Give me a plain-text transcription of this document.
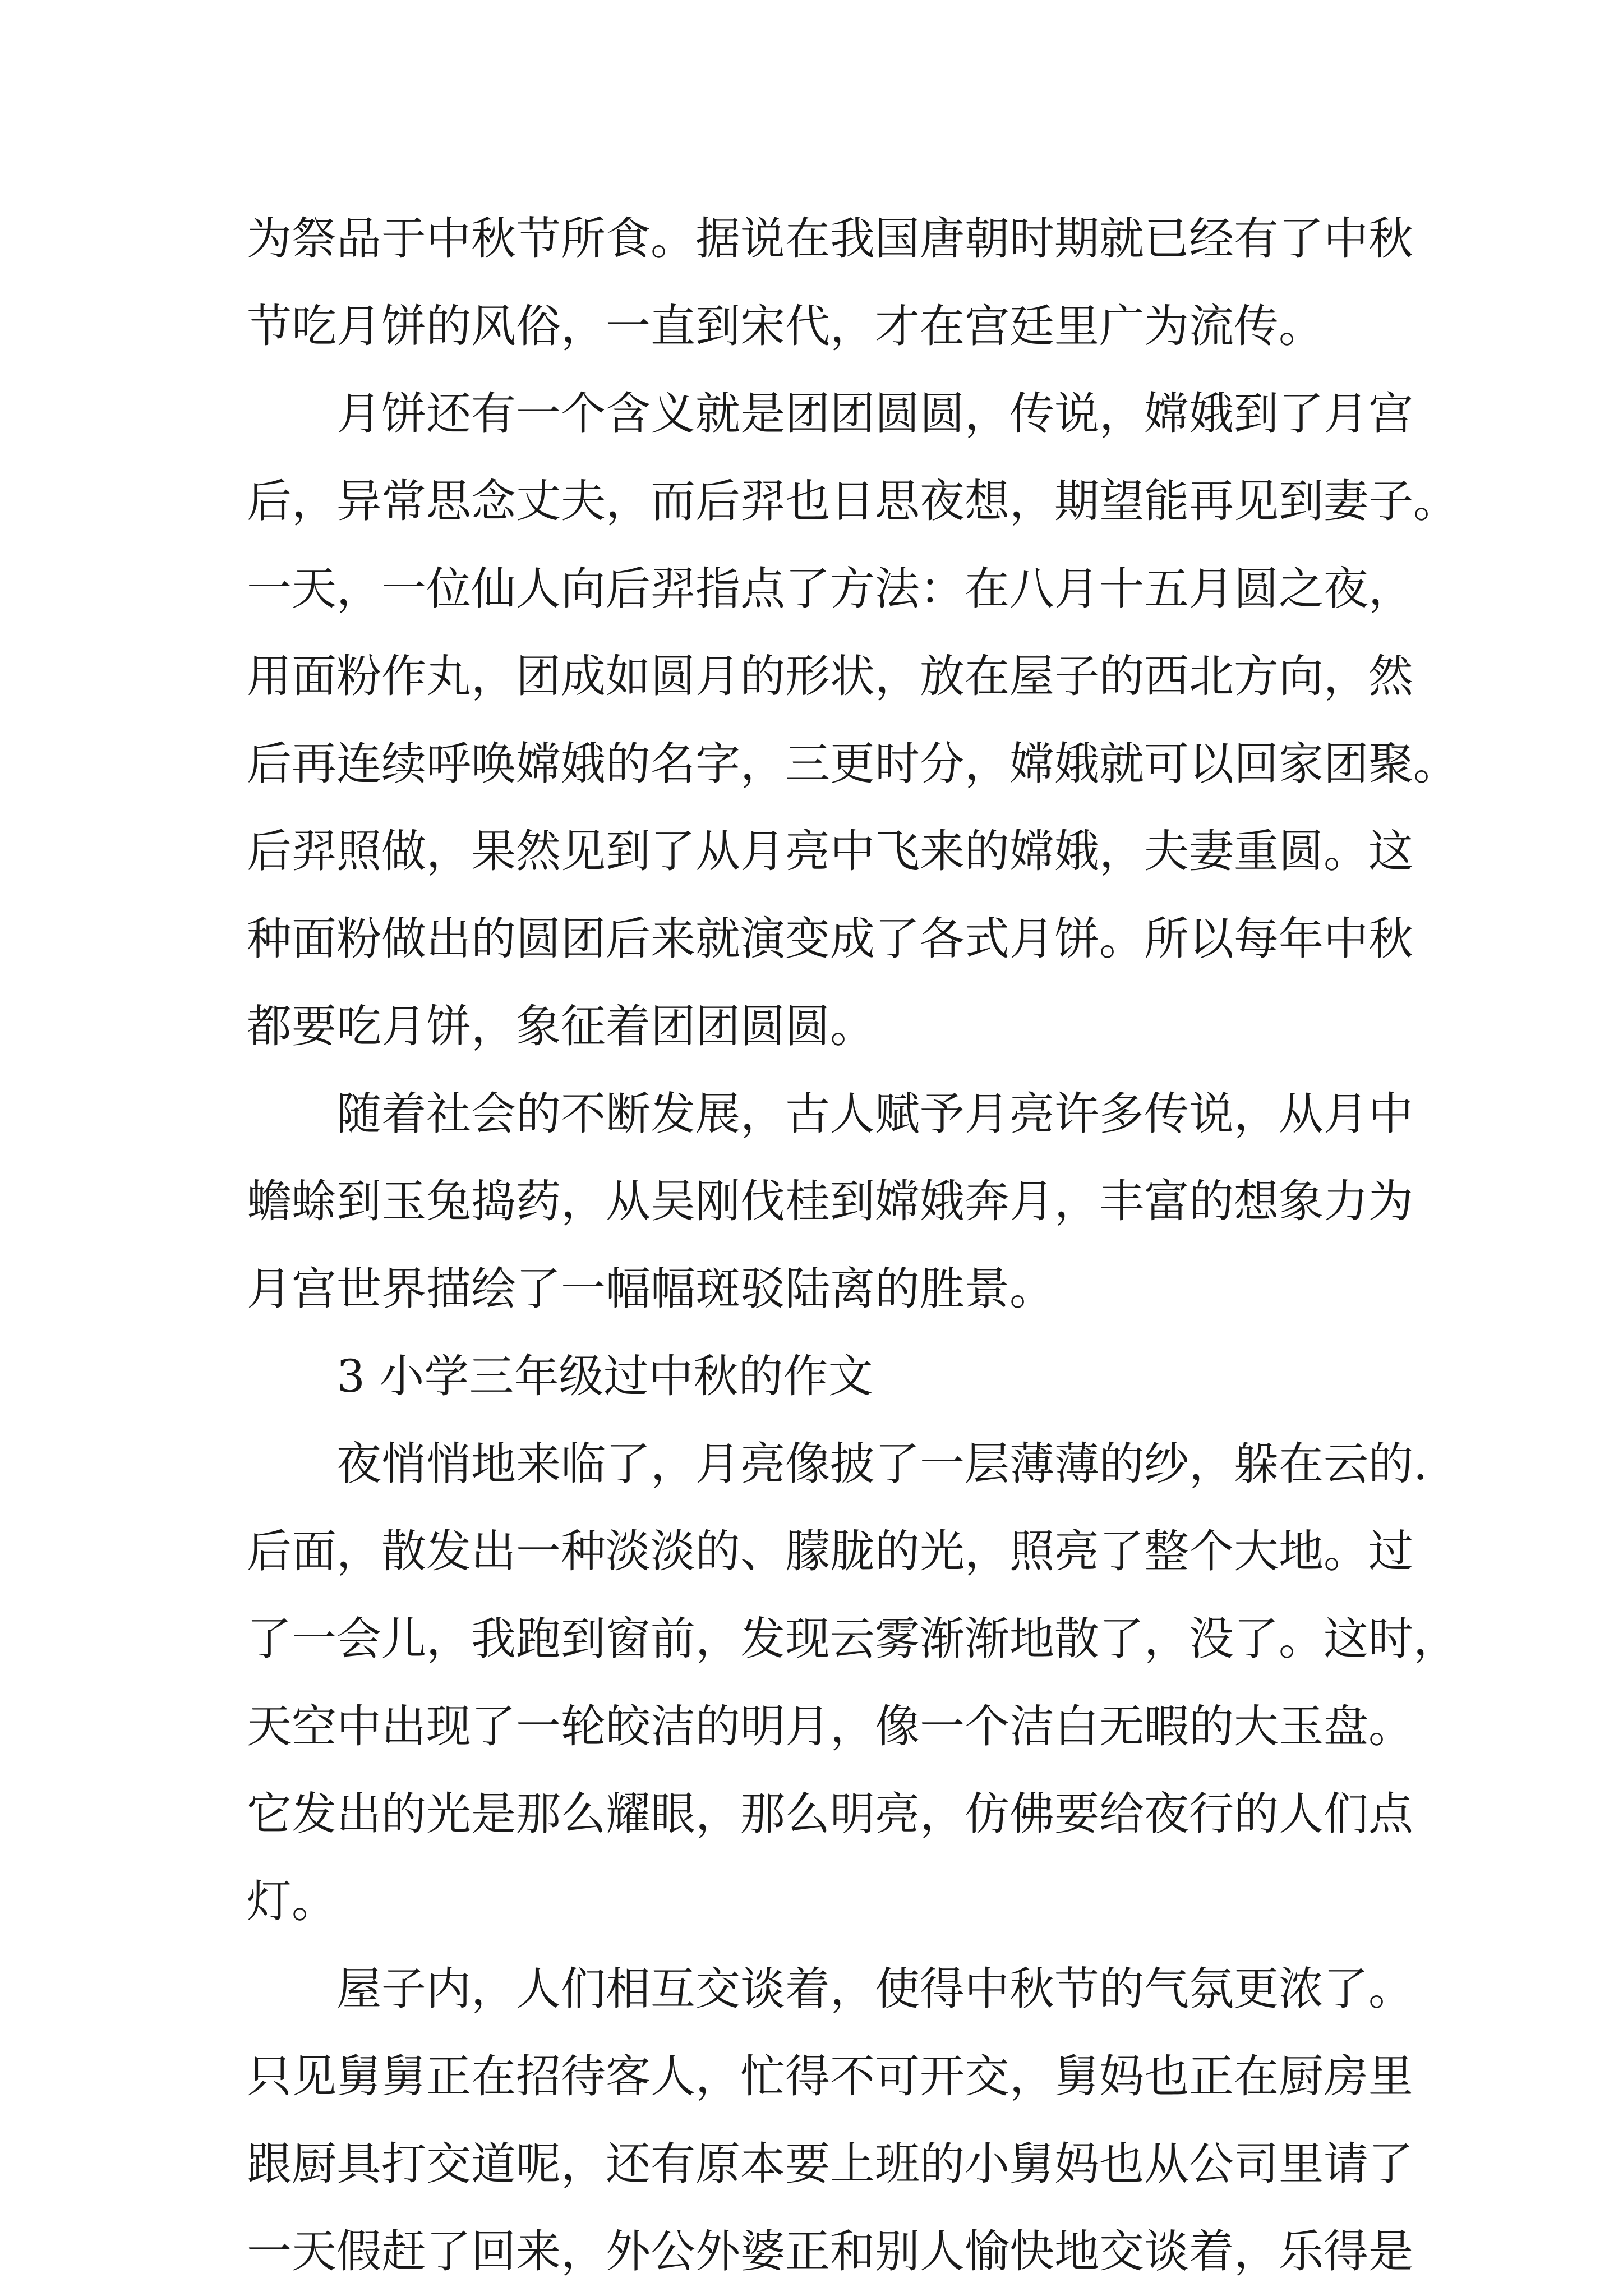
为祭品于中秋节所食。据说在我国唐朝时期就已经有了中秋
节吃月饼的风俗，一直到宋代，才在宫廷里广为流传。
月饼还有一个含义就是团团圆圆，传说，嫦娥到了月宫
后，异常思念丈夫，而后羿也日思夜想，期望能再见到妻子。
一天，一位仙人向后羿指点了方法：在八月十五月圆之夜，
用面粉作丸，团成如圆月的形状，放在屋子的西北方向，然
后再连续呼唤嫦娥的名字，三更时分，嫦娥就可以回家团聚。
后羿照做，果然见到了从月亮中飞来的嫦娥，夫妻重圆。这
种面粉做出的圆团后来就演变成了各式月饼。所以每年中秋
都要吃月饼，象征着团团圆圆。
随着社会的不断发展，古人赋予月亮许多传说，从月中
蟾蜍到玉兔捣药，从吴刚伐桂到嫦娥奔月，丰富的想象力为
月宫世界描绘了一幅幅斑驳陆离的胜景。
3 小学三年级过中秋的作文
夜悄悄地来临了，月亮像披了一层薄薄的纱，躲在云的.
后面，散发出一种淡淡的、朦胧的光，照亮了整个大地。过
了一会儿，我跑到窗前，发现云雾渐渐地散了，没了。这时，
天空中出现了一轮皎洁的明月，像一个洁白无暇的大玉盘。
它发出的光是那么耀眼，那么明亮，仿佛要给夜行的人们点
灯。
屋子内，人们相互交谈着，使得中秋节的气氛更浓了。
只见舅舅正在招待客人，忙得不可开交，舅妈也正在厨房里
跟厨具打交道呢，还有原本要上班的小舅妈也从公司里请了
一天假赶了回来，外公外婆正和别人愉快地交谈着，乐得是
